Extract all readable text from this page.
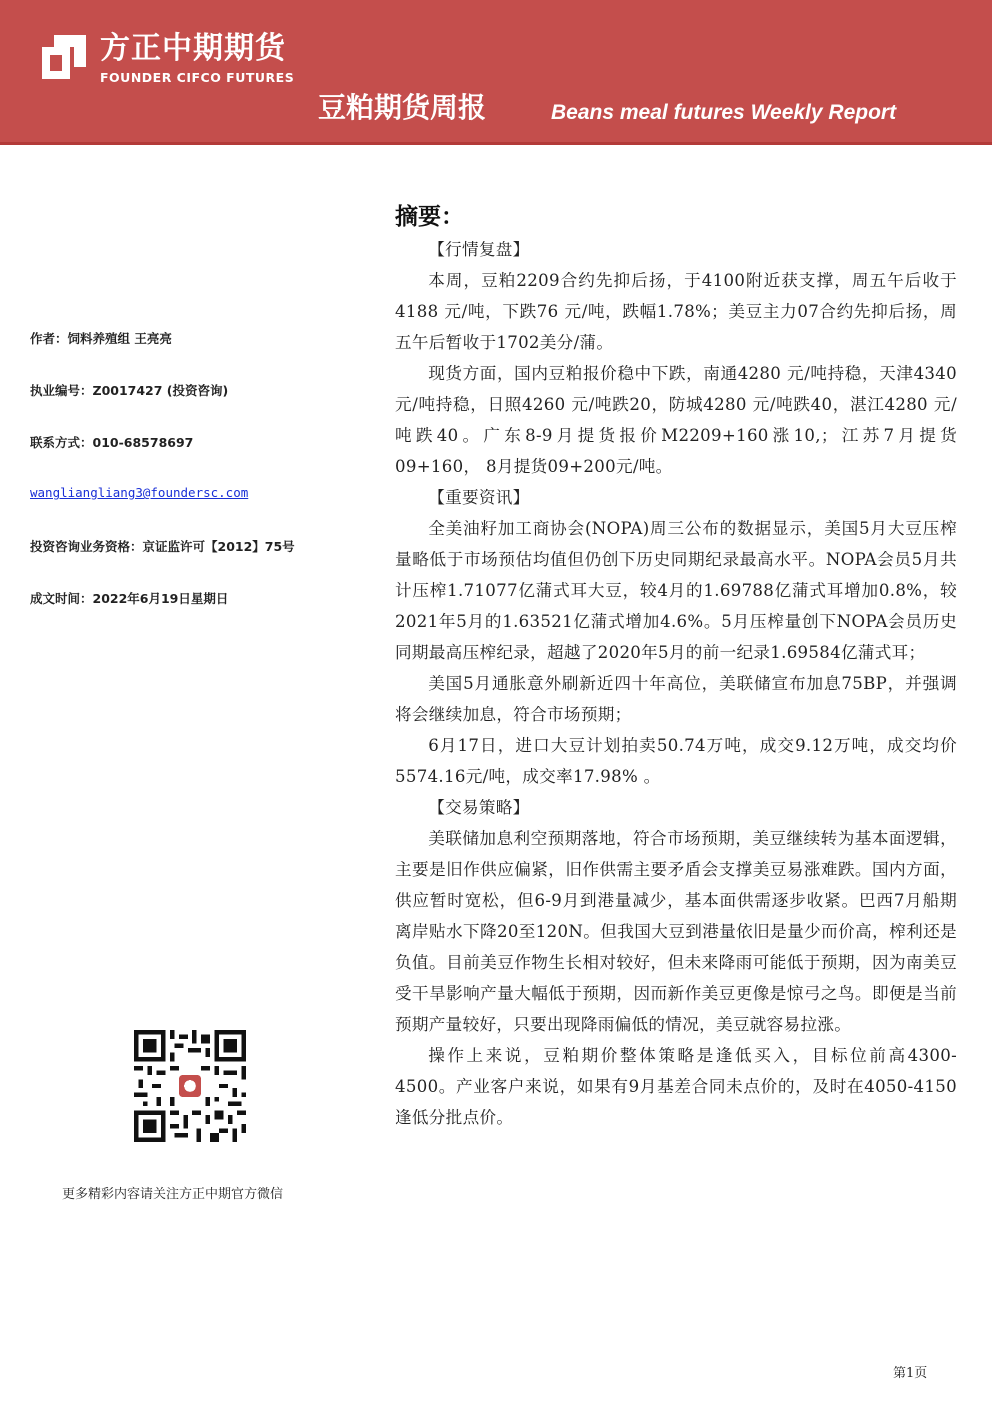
方正中期期货
FOUNDER CIFCO FUTURES
豆粕期货周报	Beans meal futures Weekly Report
作者：饲料养殖组 王亮亮
执业编号：Z0017427 (投资咨询)
联系方式：010-68578697
wangliangliang3@foundersc.com
投资咨询业务资格：京证监许可【2012】75号
成文时间：2022年6月19日星期日
更多精彩内容请关注方正中期官方微信
摘要：

【行情复盘】

本周，豆粕2209合约先抑后扬，于4100附近获支撑，周五午后收于4188 元/吨，下跌76 元/吨，跌幅1.78%；美豆主力07合约先抑后扬，周五午后暂收于1702美分/蒲。

现货方面，国内豆粕报价稳中下跌，南通4280 元/吨持稳，天津4340 元/吨持稳，日照4260 元/吨跌20，防城4280 元/吨跌40，湛江4280 元/吨跌40。广东8-9月提货报价M2209+160涨10,；江苏7月提货09+160， 8月提货09+200元/吨。

【重要资讯】

全美油籽加工商协会(NOPA)周三公布的数据显示，美国5月大豆压榨量略低于市场预估均值但仍创下历史同期纪录最高水平。NOPA会员5月共计压榨1.71077亿蒲式耳大豆，较4月的1.69788亿蒲式耳增加0.8%，较2021年5月的1.63521亿蒲式增加4.6%。5月压榨量创下NOPA会员历史同期最高压榨纪录，超越了2020年5月的前一纪录1.69584亿蒲式耳；

美国5月通胀意外刷新近四十年高位，美联储宣布加息75BP，并强调将会继续加息，符合市场预期；

6月17日，进口大豆计划拍卖50.74万吨，成交9.12万吨，成交均价5574.16元/吨，成交率17.98% 。

【交易策略】

美联储加息利空预期落地，符合市场预期，美豆继续转为基本面逻辑，主要是旧作供应偏紧，旧作供需主要矛盾会支撑美豆易涨难跌。国内方面，供应暂时宽松，但6-9月到港量减少，基本面供需逐步收紧。巴西7月船期离岸贴水下降20至120N。但我国大豆到港量依旧是量少而价高，榨利还是负值。目前美豆作物生长相对较好，但未来降雨可能低于预期，因为南美豆受干旱影响产量大幅低于预期，因而新作美豆更像是惊弓之鸟。即便是当前预期产量较好，只要出现降雨偏低的情况，美豆就容易拉涨。

操作上来说，豆粕期价整体策略是逢低买入，目标位前高4300-4500。产业客户来说，如果有9月基差合同未点价的，及时在4050-4150逢低分批点价。

第1页
